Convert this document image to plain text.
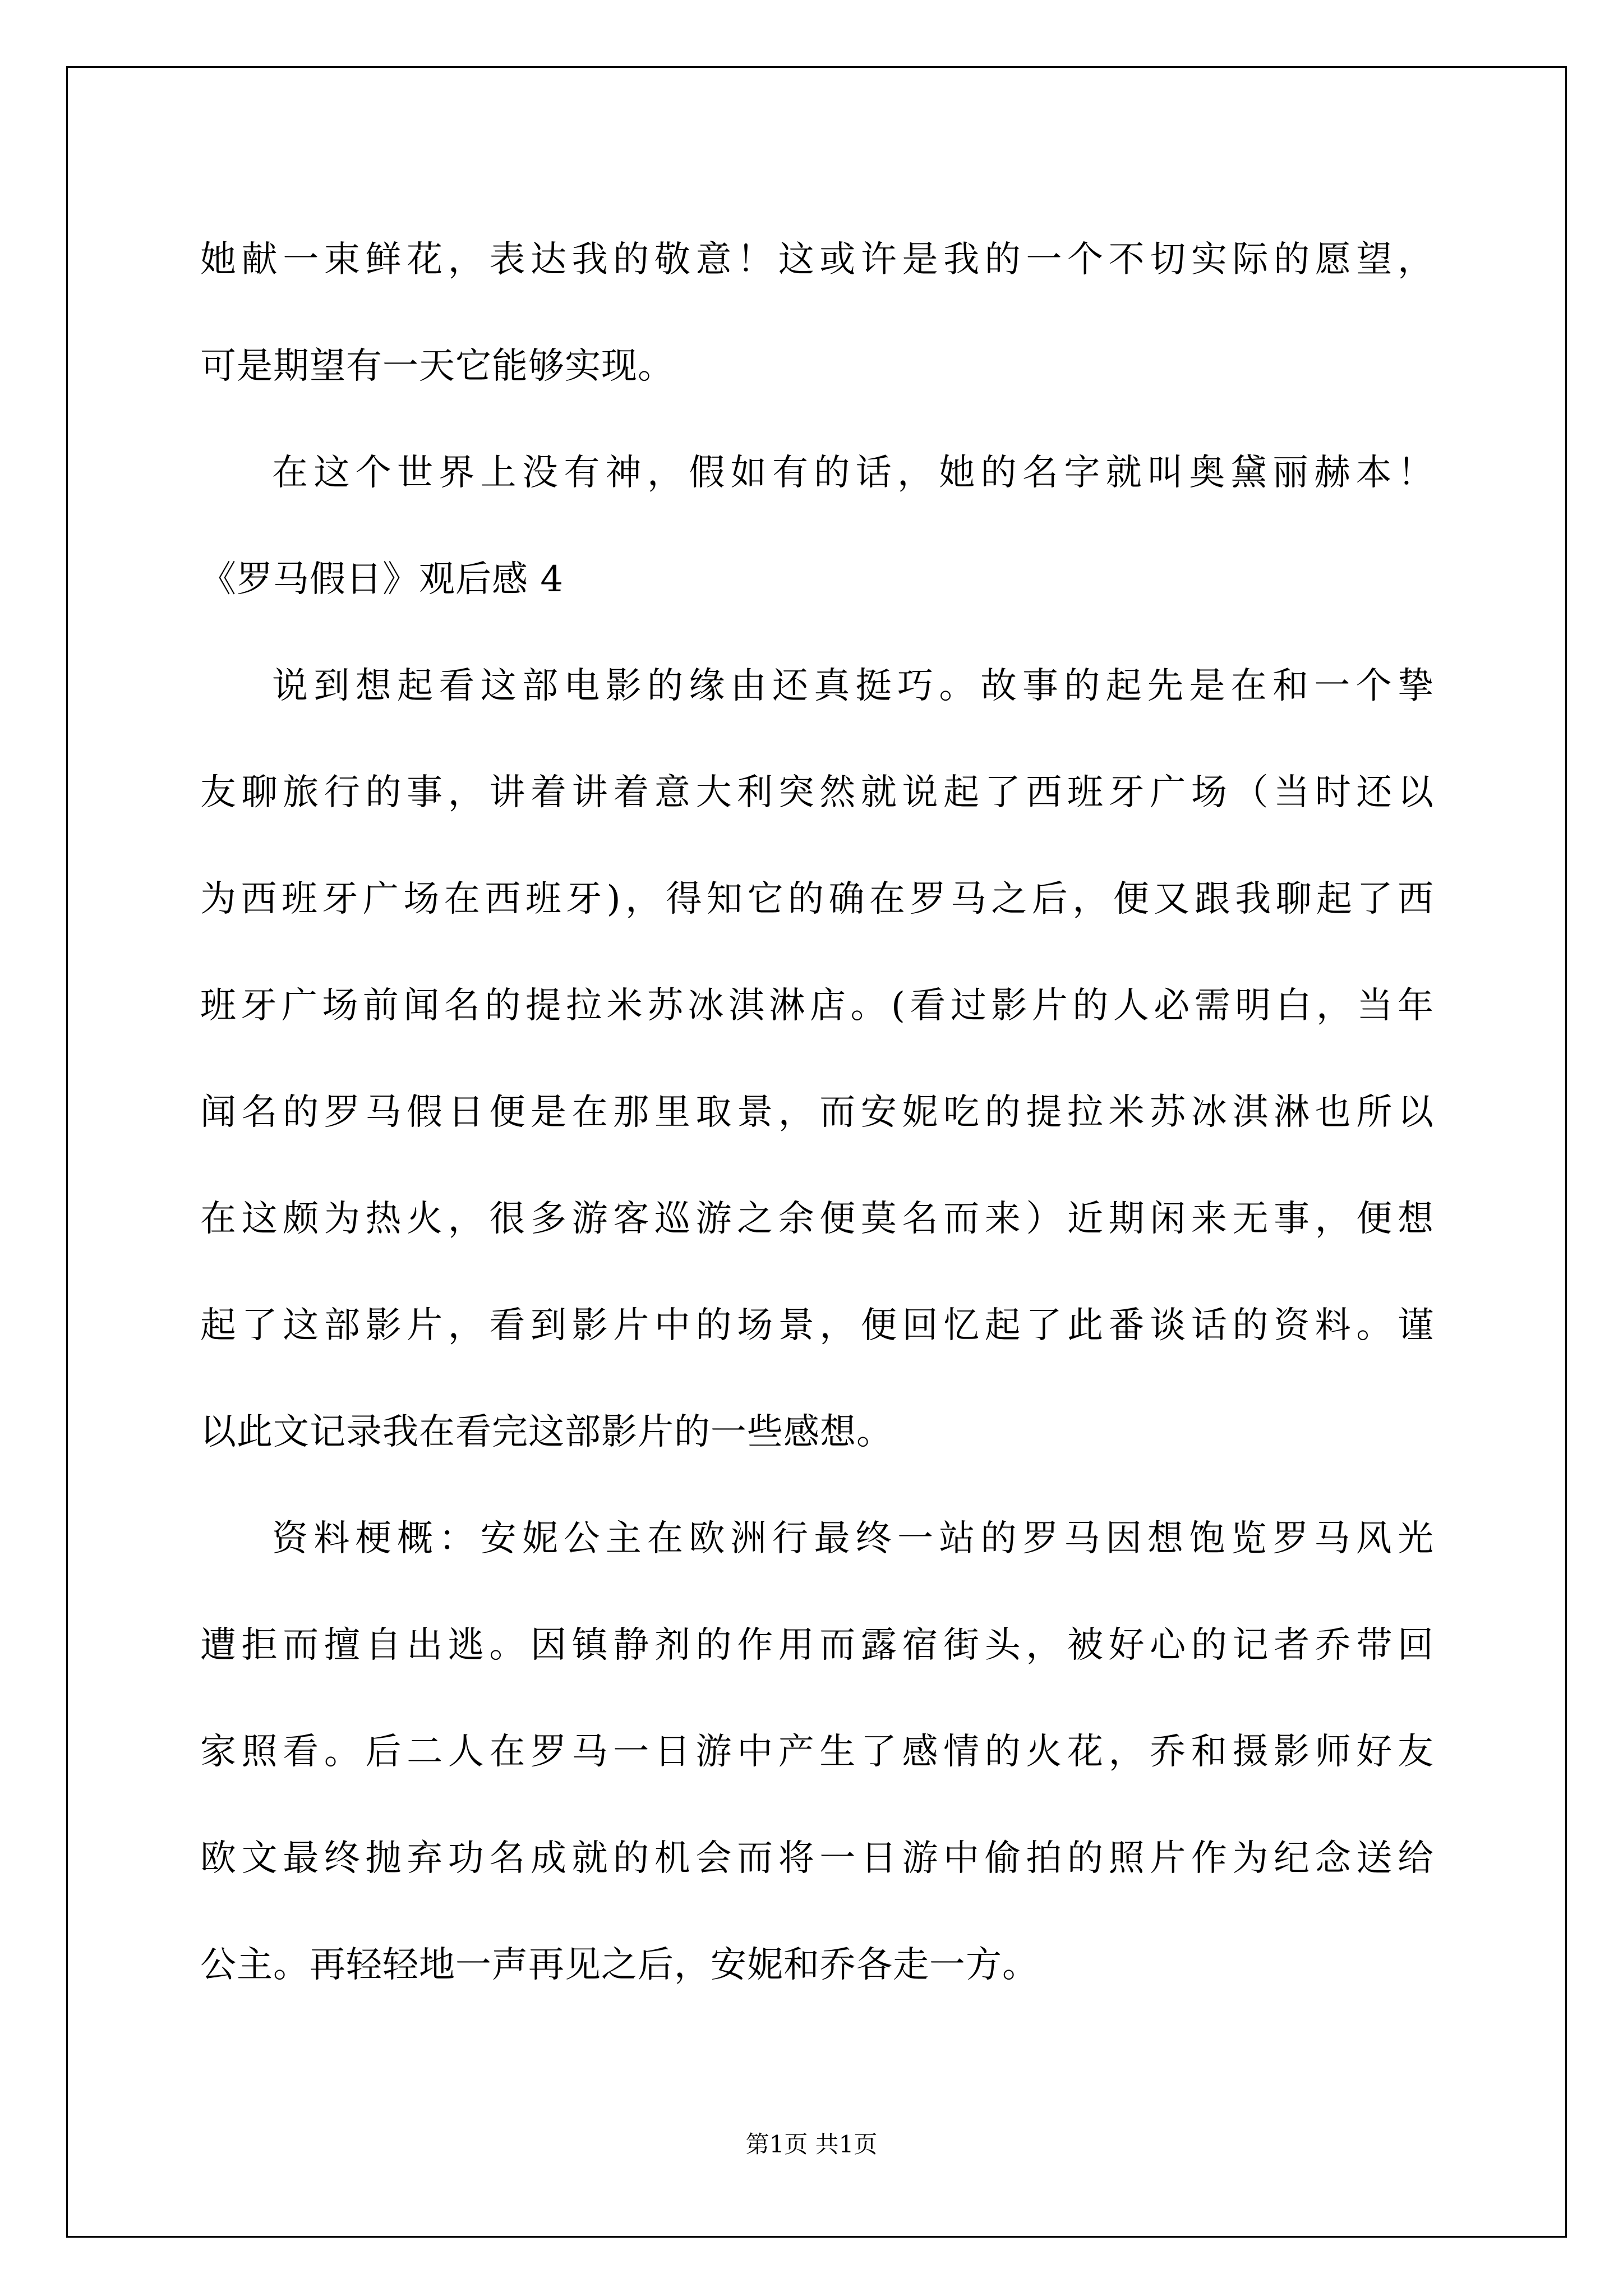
她献一束鲜花，表达我的敬意！这或许是我的一个不切实际的愿望，
可是期望有一天它能够实现。
在这个世界上没有神，假如有的话，她的名字就叫奥黛丽赫本！
《罗马假日》观后感 4
说到想起看这部电影的缘由还真挺巧。故事的起先是在和一个挚
友聊旅行的事，讲着讲着意大利突然就说起了西班牙广场（当时还以
为西班牙广场在西班牙)，得知它的确在罗马之后，便又跟我聊起了西
班牙广场前闻名的提拉米苏冰淇淋店。(看过影片的人必需明白，当年
闻名的罗马假日便是在那里取景，而安妮吃的提拉米苏冰淇淋也所以
在这颇为热火，很多游客巡游之余便莫名而来）近期闲来无事，便想
起了这部影片，看到影片中的场景，便回忆起了此番谈话的资料。谨
以此文记录我在看完这部影片的一些感想。
资料梗概：安妮公主在欧洲行最终一站的罗马因想饱览罗马风光
遭拒而擅自出逃。因镇静剂的作用而露宿街头，被好心的记者乔带回
家照看。后二人在罗马一日游中产生了感情的火花，乔和摄影师好友
欧文最终抛弃功名成就的机会而将一日游中偷拍的照片作为纪念送给
公主。再轻轻地一声再见之后，安妮和乔各走一方。
第1页 共1页
